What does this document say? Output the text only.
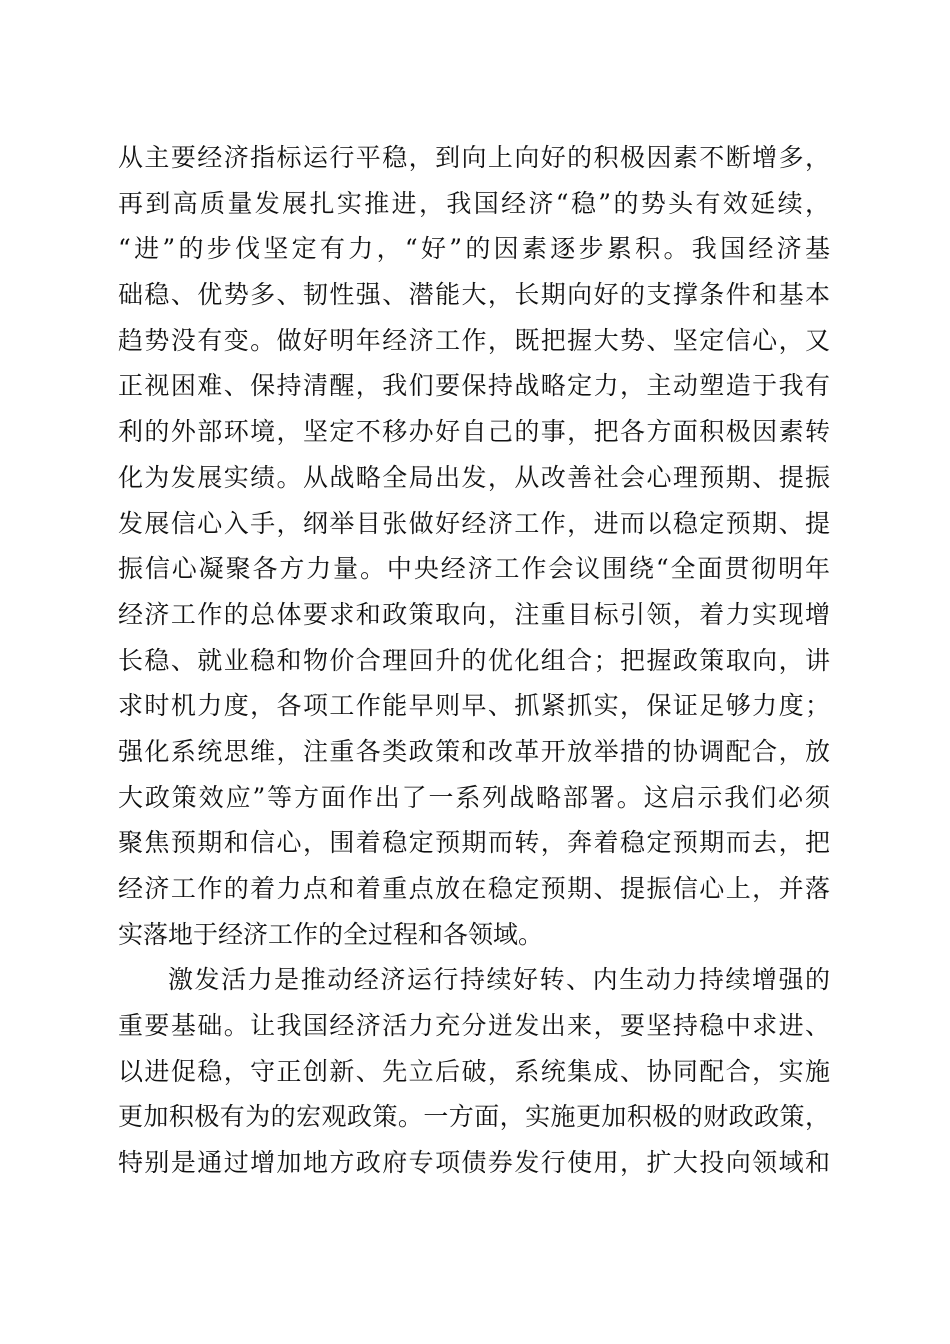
从主要经济指标运行平稳，到向上向好的积极因素不断增多，
再到高质量发展扎实推进，我国经济“稳”的势头有效延续，
“进”的步伐坚定有力，“好”的因素逐步累积。我国经济基
础稳、优势多、韧性强、潜能大，长期向好的支撑条件和基本
趋势没有变。做好明年经济工作，既把握大势、坚定信心，又
正视困难、保持清醒，我们要保持战略定力，主动塑造于我有
利的外部环境，坚定不移办好自己的事，把各方面积极因素转
化为发展实绩。从战略全局出发，从改善社会心理预期、提振
发展信心入手，纲举目张做好经济工作，进而以稳定预期、提
振信心凝聚各方力量。中央经济工作会议围绕“全面贯彻明年
经济工作的总体要求和政策取向，注重目标引领，着力实现增
长稳、就业稳和物价合理回升的优化组合；把握政策取向，讲
求时机力度，各项工作能早则早、抓紧抓实，保证足够力度；
强化系统思维，注重各类政策和改革开放举措的协调配合，放
大政策效应”等方面作出了一系列战略部署。这启示我们必须
聚焦预期和信心，围着稳定预期而转，奔着稳定预期而去，把
经济工作的着力点和着重点放在稳定预期、提振信心上，并落
实落地于经济工作的全过程和各领域。
激发活力是推动经济运行持续好转、内生动力持续增强的
重要基础。让我国经济活力充分迸发出来，要坚持稳中求进、
以进促稳，守正创新、先立后破，系统集成、协同配合，实施
更加积极有为的宏观政策。一方面，实施更加积极的财政政策，
特别是通过增加地方政府专项债券发行使用，扩大投向领域和
